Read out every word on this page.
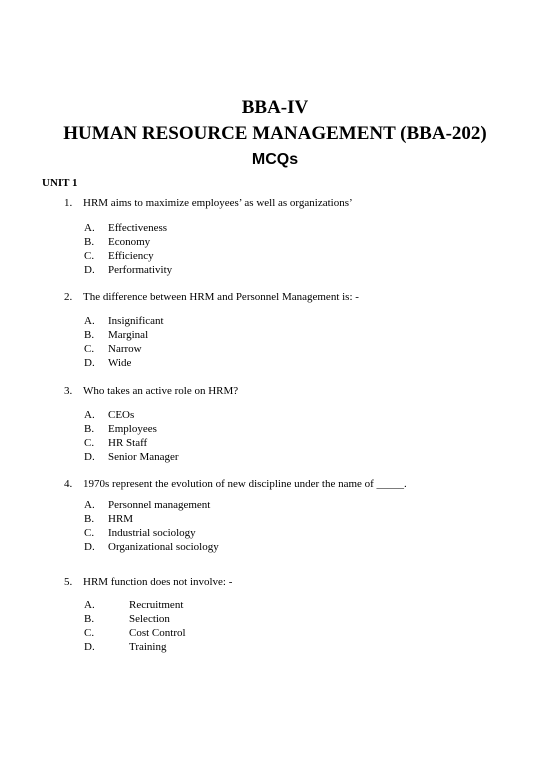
BBA-IV
HUMAN RESOURCE MANAGEMENT (BBA-202)
MCQs
UNIT 1
1. HRM aims to maximize employees’ as well as organizations’
A. Effectiveness
B. Economy
C. Efficiency
D. Performativity
2. The difference between HRM and Personnel Management is: -
A. Insignificant
B. Marginal
C. Narrow
D. Wide
3. Who takes an active role on HRM?
A. CEOs
B. Employees
C. HR Staff
D. Senior Manager
4. 1970s represent the evolution of new discipline under the name of _____.
A. Personnel management
B. HRM
C. Industrial sociology
D. Organizational sociology
5. HRM function does not involve: -
A.	Recruitment
B.	Selection
C.	Cost Control
D.	Training
